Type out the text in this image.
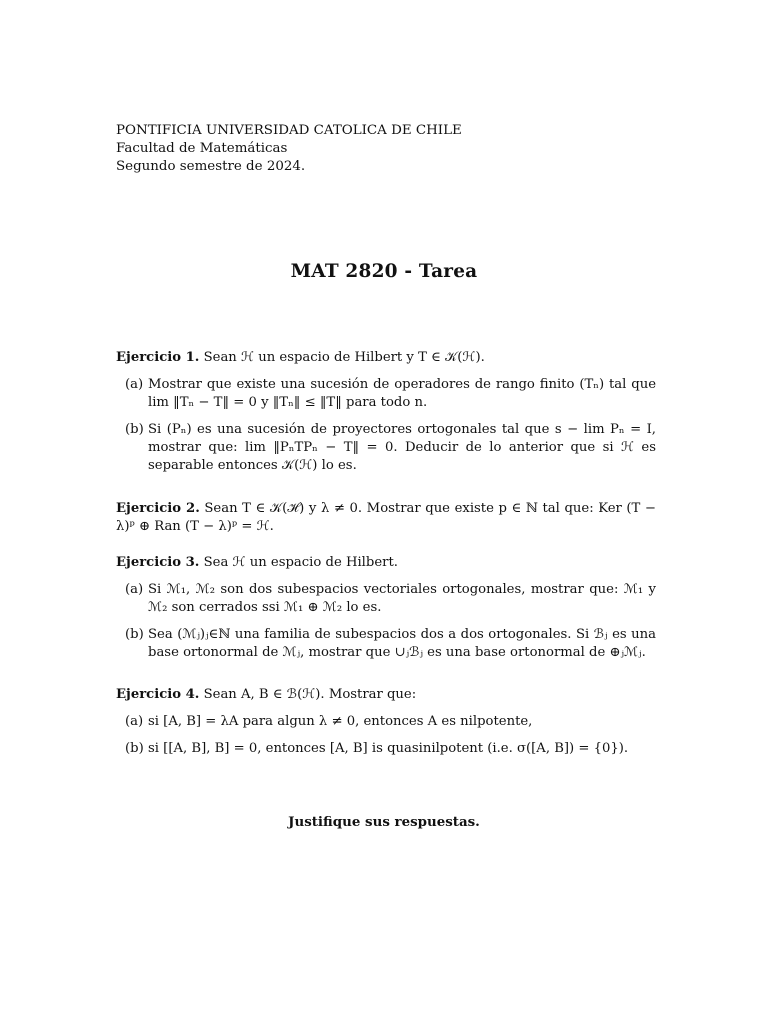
PONTIFICIA UNIVERSIDAD CATOLICA DE CHILE
Facultad de Matemáticas
Segundo semestre de 2024.
MAT 2820 - Tarea
Ejercicio 1. Sean ℋ un espacio de Hilbert y T ∈ 𝒦(ℋ).
(a) Mostrar que existe una sucesión de operadores de rango finito (Tₙ) tal que lim ‖Tₙ − T‖ = 0 y ‖Tₙ‖ ≤ ‖T‖ para todo n.
(b) Si (Pₙ) es una sucesión de proyectores ortogonales tal que s − lim Pₙ = I, mostrar que: lim ‖PₙTPₙ − T‖ = 0. Deducir de lo anterior que si ℋ es separable entonces 𝒦(ℋ) lo es.
Ejercicio 2. Sean T ∈ 𝒦(ℋ) y λ ≠ 0. Mostrar que existe p ∈ ℕ tal que: Ker (T − λ)ᵖ ⊕ Ran (T − λ)ᵖ = ℋ.
Ejercicio 3. Sea ℋ un espacio de Hilbert.
(a) Si ℳ₁, ℳ₂ son dos subespacios vectoriales ortogonales, mostrar que: ℳ₁ y ℳ₂ son cerrados ssi ℳ₁ ⊕ ℳ₂ lo es.
(b) Sea (ℳⱼ)ⱼ∈ℕ una familia de subespacios dos a dos ortogonales. Si ℬⱼ es una base ortonormal de ℳⱼ, mostrar que ∪ⱼℬⱼ es una base ortonormal de ⊕ⱼℳⱼ.
Ejercicio 4. Sean A, B ∈ ℬ(ℋ). Mostrar que:
(a) si [A, B] = λA para algun λ ≠ 0, entonces A es nilpotente,
(b) si [[A, B], B] = 0, entonces [A, B] is quasinilpotent (i.e. σ([A, B]) = {0}).
Justifique sus respuestas.
